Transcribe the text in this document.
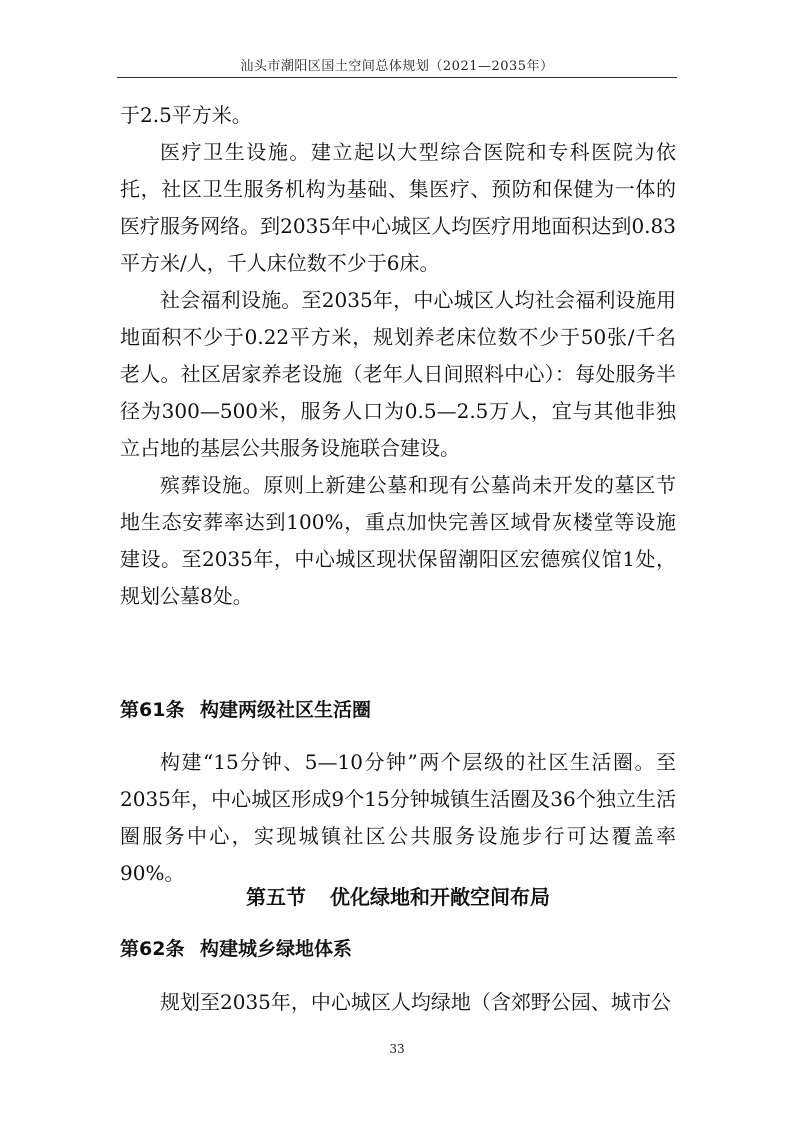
汕头市潮阳区国土空间总体规划（2021—2035年）

于2.5平方米。

医疗卫生设施。建立起以大型综合医院和专科医院为依托，社区卫生服务机构为基础、集医疗、预防和保健为一体的医疗服务网络。到2035年中心城区人均医疗用地面积达到0.83平方米/人，千人床位数不少于6床。

社会福利设施。至2035年，中心城区人均社会福利设施用地面积不少于0.22平方米，规划养老床位数不少于50张/千名老人。社区居家养老设施（老年人日间照料中心）：每处服务半径为300—500米，服务人口为0.5—2.5万人，宜与其他非独立占地的基层公共服务设施联合建设。

殡葬设施。原则上新建公墓和现有公墓尚未开发的墓区节地生态安葬率达到100%，重点加快完善区域骨灰楼堂等设施建设。至2035年，中心城区现状保留潮阳区宏德殡仪馆1处，规划公墓8处。

第61条 构建两级社区生活圈

构建“15分钟、5—10分钟”两个层级的社区生活圈。至2035年，中心城区形成9个15分钟城镇生活圈及36个独立生活圈服务中心，实现城镇社区公共服务设施步行可达覆盖率90%。

第五节 优化绿地和开敞空间布局
第62条 构建城乡绿地体系

规划至2035年，中心城区人均绿地（含郊野公园、城市公

33
